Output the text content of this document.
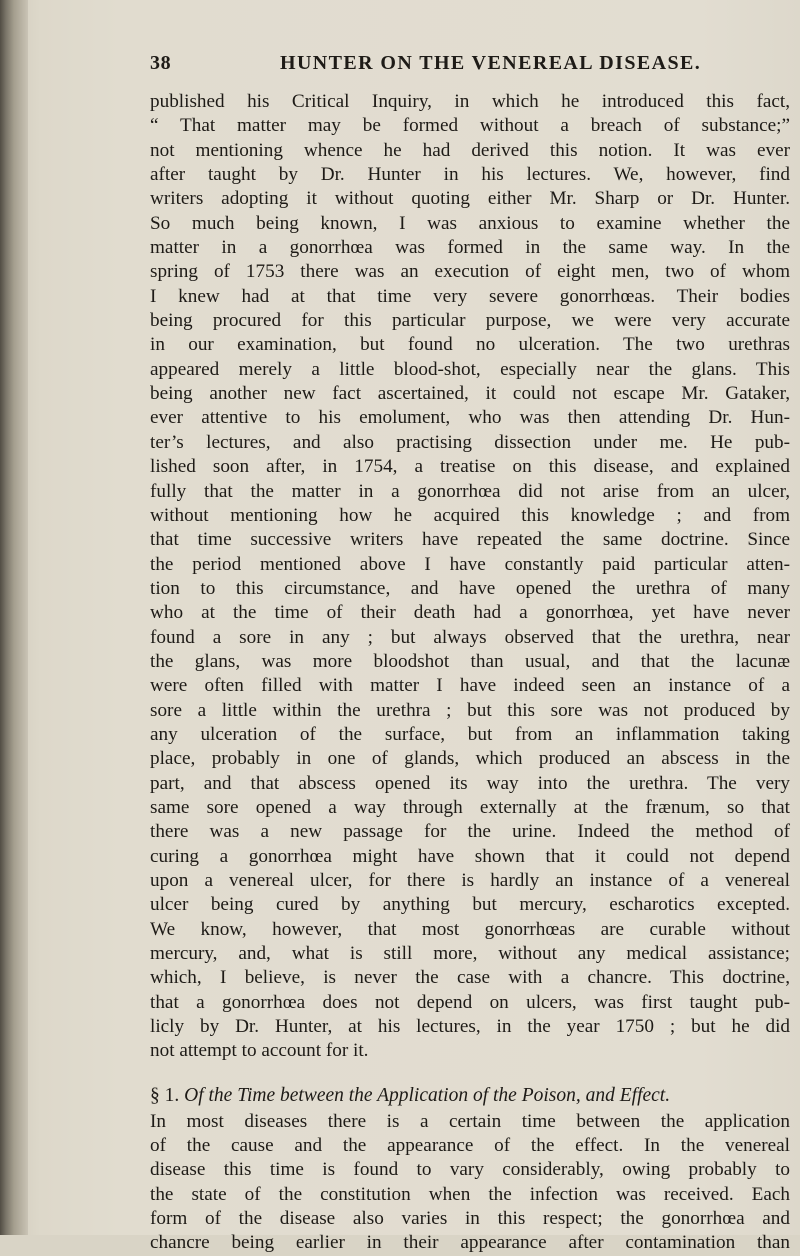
38	HUNTER ON THE VENEREAL DISEASE.
published his Critical Inquiry, in which he introduced this fact,
“ That matter may be formed without a breach of substance;”
not mentioning whence he had derived this notion. It was ever
after taught by Dr. Hunter in his lectures. We, however, find
writers adopting it without quoting either Mr. Sharp or Dr. Hunter.
So much being known, I was anxious to examine whether the
matter in a gonorrhœa was formed in the same way. In the
spring of 1753 there was an execution of eight men, two of whom
I knew had at that time very severe gonorrhœas. Their bodies
being procured for this particular purpose, we were very accurate
in our examination, but found no ulceration. The two urethras
appeared merely a little blood-shot, especially near the glans. This
being another new fact ascertained, it could not escape Mr. Gataker,
ever attentive to his emolument, who was then attending Dr. Hun-
ter’s lectures, and also practising dissection under me. He pub-
lished soon after, in 1754, a treatise on this disease, and explained
fully that the matter in a gonorrhœa did not arise from an ulcer,
without mentioning how he acquired this knowledge ; and from
that time successive writers have repeated the same doctrine. Since
the period mentioned above I have constantly paid particular atten-
tion to this circumstance, and have opened the urethra of many
who at the time of their death had a gonorrhœa, yet have never
found a sore in any ; but always observed that the urethra, near
the glans, was more bloodshot than usual, and that the lacunæ
were often filled with matter I have indeed seen an instance of a
sore a little within the urethra ; but this sore was not produced by
any ulceration of the surface, but from an inflammation taking
place, probably in one of glands, which produced an abscess in the
part, and that abscess opened its way into the urethra. The very
same sore opened a way through externally at the frænum, so that
there was a new passage for the urine. Indeed the method of
curing a gonorrhœa might have shown that it could not depend
upon a venereal ulcer, for there is hardly an instance of a venereal
ulcer being cured by anything but mercury, escharotics excepted.
We know, however, that most gonorrhœas are curable without
mercury, and, what is still more, without any medical assistance;
which, I believe, is never the case with a chancre. This doctrine,
that a gonorrhœa does not depend on ulcers, was first taught pub-
licly by Dr. Hunter, at his lectures, in the year 1750 ; but he did
not attempt to account for it.
§ 1. Of the Time between the Application of the Poison, and Effect.
In most diseases there is a certain time between the application
of the cause and the appearance of the effect. In the venereal
disease this time is found to vary considerably, owing probably to
the state of the constitution when the infection was received. Each
form of the disease also varies in this respect; the gonorrhœa and
chancre being earlier in their appearance after contamination than
